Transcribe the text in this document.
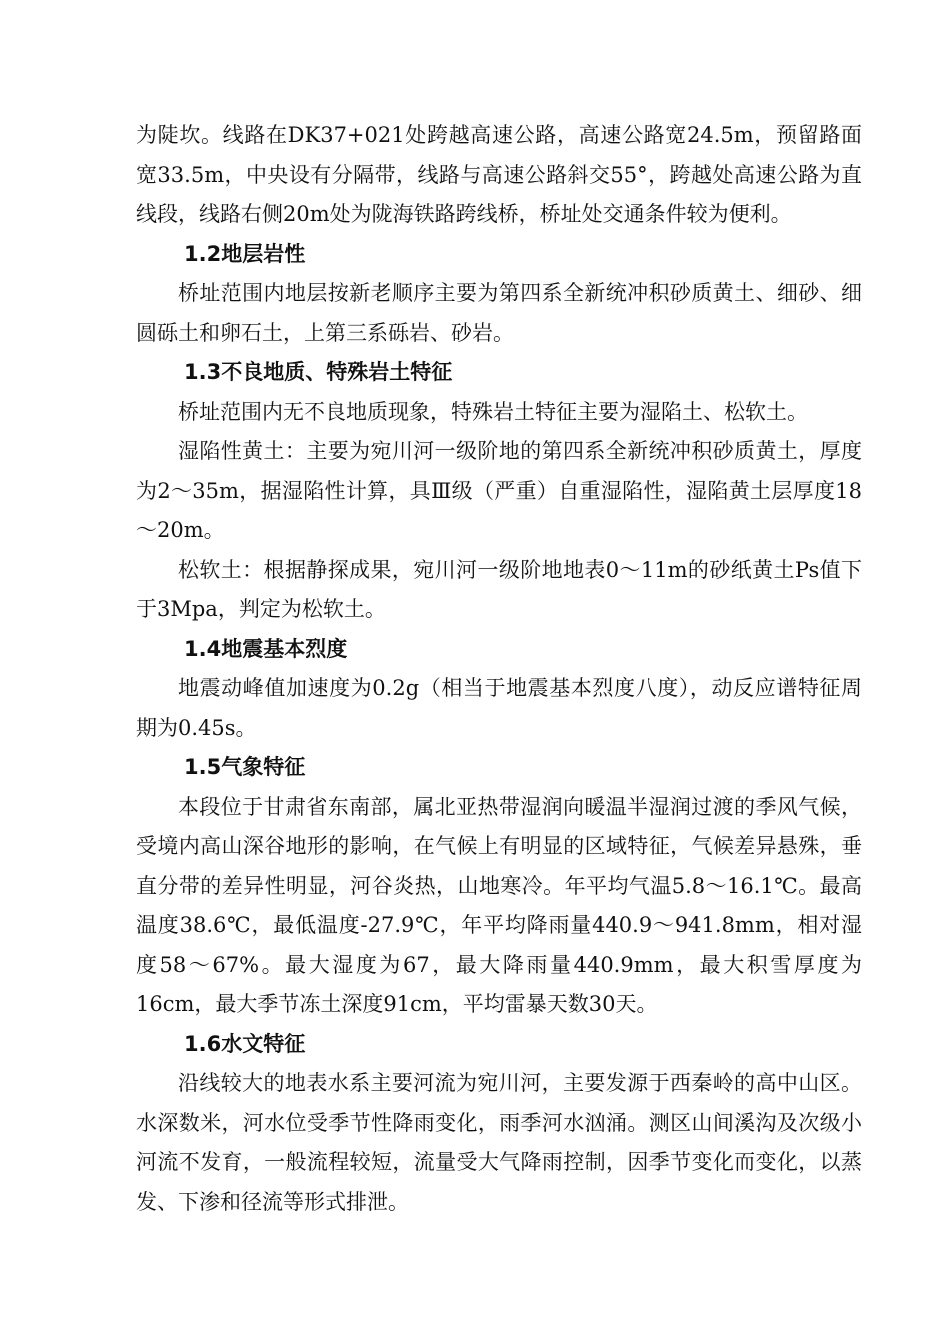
为陡坎。线路在DK37+021处跨越高速公路，高速公路宽24.5m，预留路面宽33.5m，中央设有分隔带，线路与高速公路斜交55°，跨越处高速公路为直线段，线路右侧20m处为陇海铁路跨线桥，桥址处交通条件较为便利。

1.2地层岩性

桥址范围内地层按新老顺序主要为第四系全新统冲积砂质黄土、细砂、细圆砾土和卵石土，上第三系砾岩、砂岩。

1.3不良地质、特殊岩土特征

桥址范围内无不良地质现象，特殊岩土特征主要为湿陷土、松软土。

湿陷性黄土：主要为宛川河一级阶地的第四系全新统冲积砂质黄土，厚度为2～35m，据湿陷性计算，具Ⅲ级（严重）自重湿陷性，湿陷黄土层厚度18～20m。

松软土：根据静探成果，宛川河一级阶地地表0～11m的砂纸黄土Ps值下于3Mpa，判定为松软土。

1.4地震基本烈度

地震动峰值加速度为0.2g（相当于地震基本烈度八度），动反应谱特征周期为0.45s。

1.5气象特征

本段位于甘肃省东南部，属北亚热带湿润向暖温半湿润过渡的季风气候，受境内高山深谷地形的影响，在气候上有明显的区域特征，气候差异悬殊，垂直分带的差异性明显，河谷炎热，山地寒冷。年平均气温5.8～16.1℃。最高温度38.6℃，最低温度-27.9℃，年平均降雨量440.9～941.8mm，相对湿度58～67%。最大湿度为67，最大降雨量440.9mm，最大积雪厚度为16cm，最大季节冻土深度91cm，平均雷暴天数30天。

1.6水文特征

沿线较大的地表水系主要河流为宛川河，主要发源于西秦岭的高中山区。水深数米，河水位受季节性降雨变化，雨季河水汹涌。测区山间溪沟及次级小河流不发育，一般流程较短，流量受大气降雨控制，因季节变化而变化，以蒸发、下渗和径流等形式排泄。
